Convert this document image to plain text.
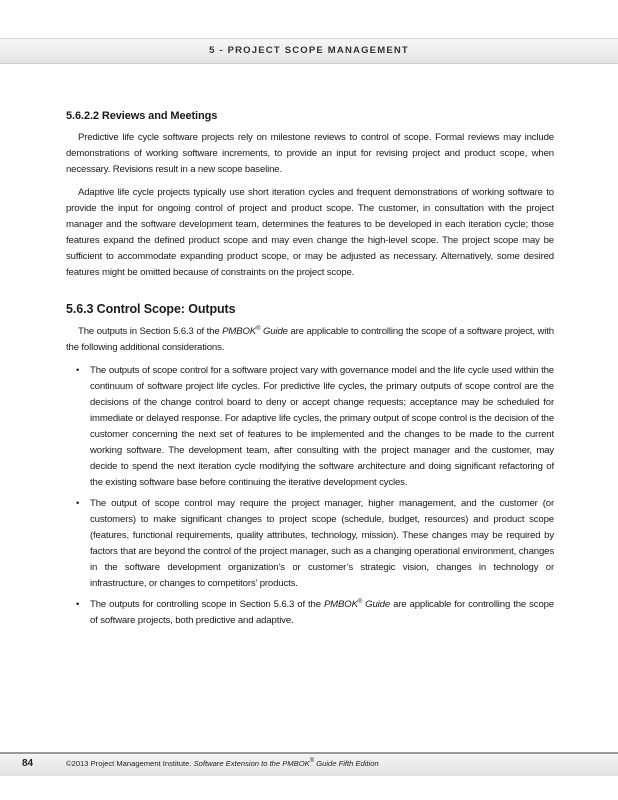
5 - PROJECT SCOPE MANAGEMENT
5.6.2.2 Reviews and Meetings

Predictive life cycle software projects rely on milestone reviews to control of scope. Formal reviews may include demonstrations of working software increments, to provide an input for revising project and product scope, when necessary. Revisions result in a new scope baseline.

Adaptive life cycle projects typically use short iteration cycles and frequent demonstrations of working software to provide the input for ongoing control of project and product scope. The customer, in consultation with the project manager and the software development team, determines the features to be developed in each iteration cycle; those features expand the defined product scope and may even change the high-level scope. The project scope may be sufficient to accommodate expanding product scope, or may be adjusted as necessary. Alternatively, some desired features might be omitted because of constraints on the project scope.

5.6.3 Control Scope: Outputs

The outputs in Section 5.6.3 of the PMBOK® Guide are applicable to controlling the scope of a software project, with the following additional considerations.

• The outputs of scope control for a software project vary with governance model and the life cycle used within the continuum of software project life cycles. For predictive life cycles, the primary outputs of scope control are the decisions of the change control board to deny or accept change requests; acceptance may be scheduled for immediate or delayed response. For adaptive life cycles, the primary output of scope control is the decision of the customer concerning the next set of features to be implemented and the changes to be made to the current working software. The development team, after consulting with the project manager and the customer, may decide to spend the next iteration cycle modifying the software architecture and doing significant refactoring of the existing software base before continuing the iterative development cycles.
• The output of scope control may require the project manager, higher management, and the customer (or customers) to make significant changes to project scope (schedule, budget, resources) and product scope (features, functional requirements, quality attributes, technology, mission). These changes may be required by factors that are beyond the control of the project manager, such as a changing operational environment, changes in the software development organization’s or customer’s strategic vision, changes in technology or infrastructure, or changes to competitors’ products.
• The outputs for controlling scope in Section 5.6.3 of the PMBOK® Guide are applicable for controlling the scope of software projects, both predictive and adaptive.
84	©2013 Project Management Institute. Software Extension to the PMBOK® Guide Fifth Edition
